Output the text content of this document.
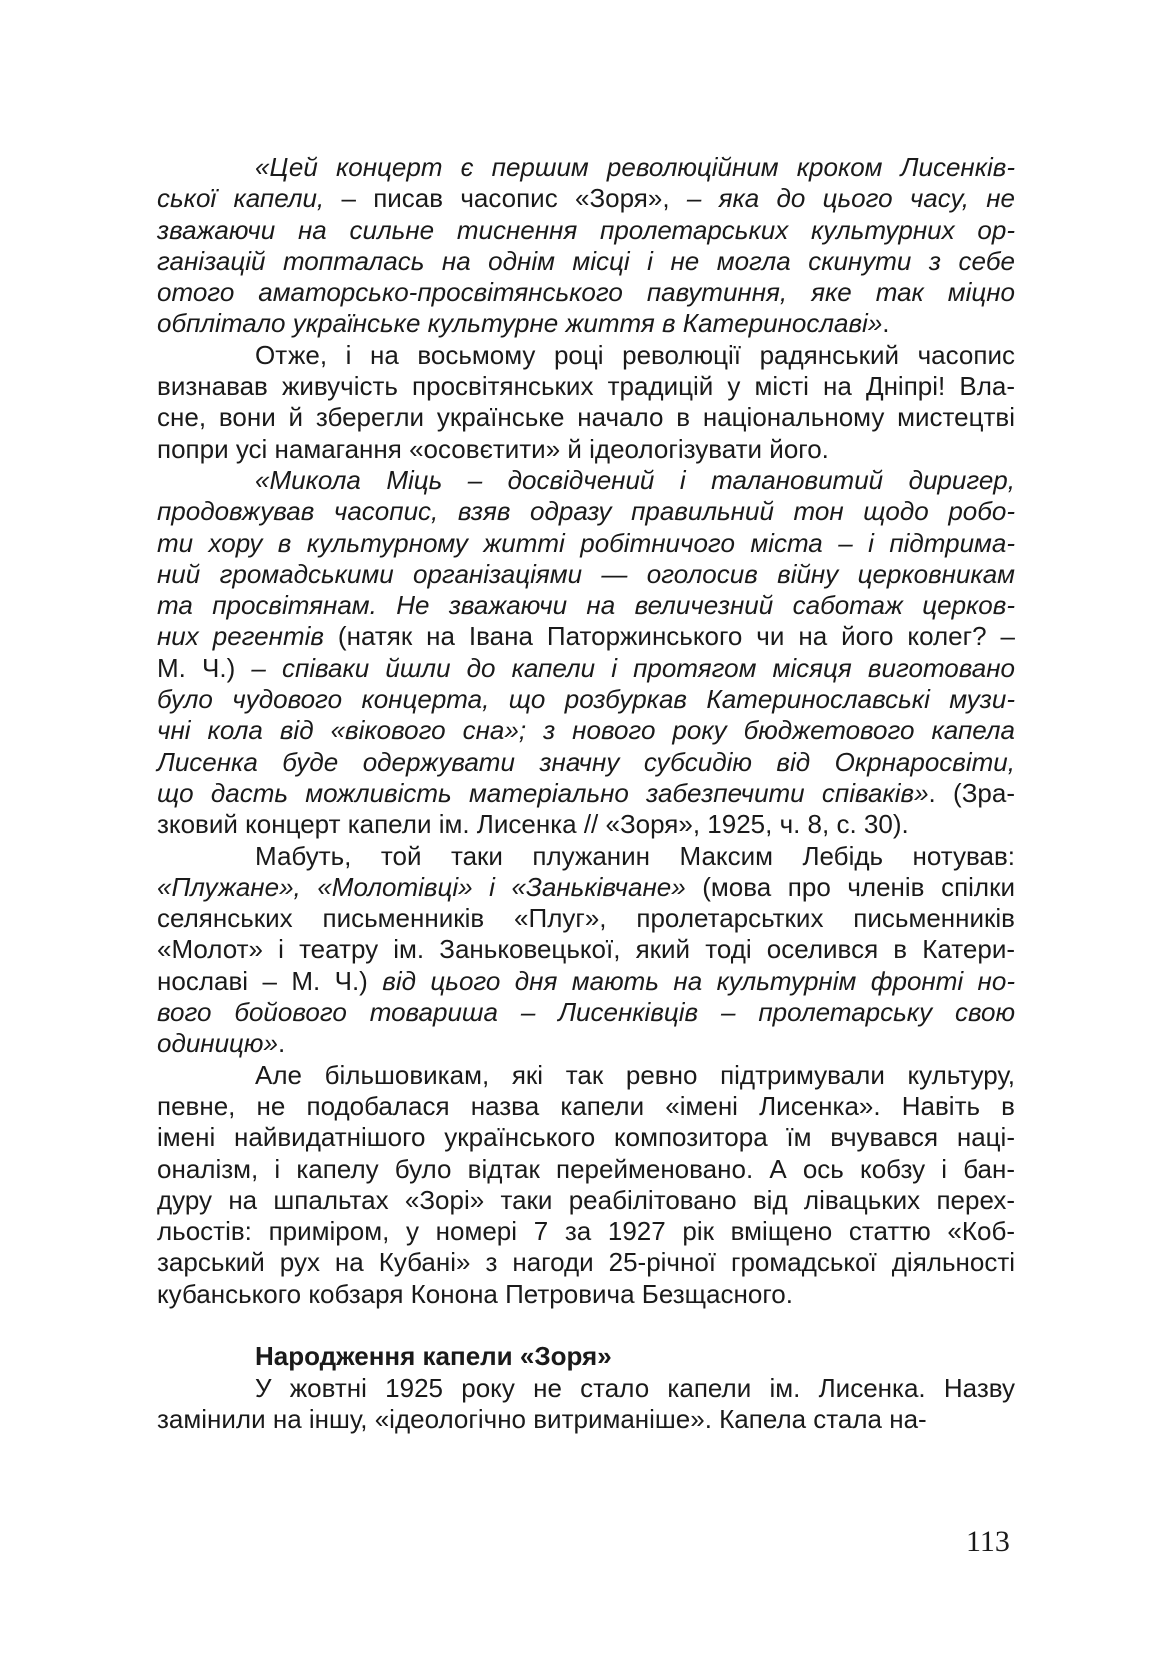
«Цей концерт є першим революційним кроком Лисенків-
ської капели, – писав часопис «Зоря», – яка до цього часу, не
зважаючи на сильне тиснення пролетарських культурних ор-
ганізацій топталась на однім місці і не могла скинути з себе
отого аматорсько-просвітянського павутиння, яке так міцно
обплітало українське культурне життя в Катеринославі».
Отже, і на восьмому році революції радянський часопис
визнавав живучість просвітянських традицій у місті на Дніпрі! Вла-
сне, вони й зберегли українське начало в національному мистецтві
попри усі намагання «осовєтити» й ідеологізувати його.
«Микола Міць – досвідчений і талановитий диригер,
продовжував часопис, взяв одразу правильний тон щодо робо-
ти хору в культурному житті робітничого міста – і підтрима-
ний громадськими організаціями — оголосив війну церковникам
та просвітянам. Не зважаючи на величезний саботаж церков-
них регентів (натяк на Івана Паторжинського чи на його колег? –
М. Ч.) – співаки йшли до капели і протягом місяця виготовано
було чудового концерта, що розбуркав Катеринославські музи-
чні кола від «вікового сна»; з нового року бюджетового капела
Лисенка буде одержувати значну субсидію від Окрнаросвіти,
що дасть можливість матеріально забезпечити співаків». (Зра-
зковий концерт капели ім. Лисенка // «Зоря», 1925, ч. 8, с. 30).
Мабуть, той таки плужанин Максим Лебідь нотував:
«Плужане», «Молотівці» і «Заньківчане» (мова про членів спілки
селянських письменників «Плуг», пролетарсьтких письменників
«Молот» і театру ім. Заньковецької, який тоді оселився в Катери-
нославі – М. Ч.) від цього дня мають на культурнім фронті но-
вого бойового товариша – Лисенківців – пролетарську свою
одиницю».
Але більшовикам, які так ревно підтримували культуру,
певне, не подобалася назва капели «імені Лисенка». Навіть в
імені найвидатнішого українського композитора їм вчувався наці-
оналізм, і капелу було відтак перейменовано. А ось кобзу і бан-
дуру на шпальтах «Зорі» таки реабілітовано від лівацьких перех-
льостів: приміром, у номері 7 за 1927 рік вміщено статтю «Коб-
зарський рух на Кубані» з нагоди 25-річної громадської діяльності
кубанського кобзаря Конона Петровича Безщасного.
Народження капели «Зоря»
У жовтні 1925 року не стало капели ім. Лисенка. Назву
замінили на іншу, «ідеологічно витриманіше». Капела стала на-
113
